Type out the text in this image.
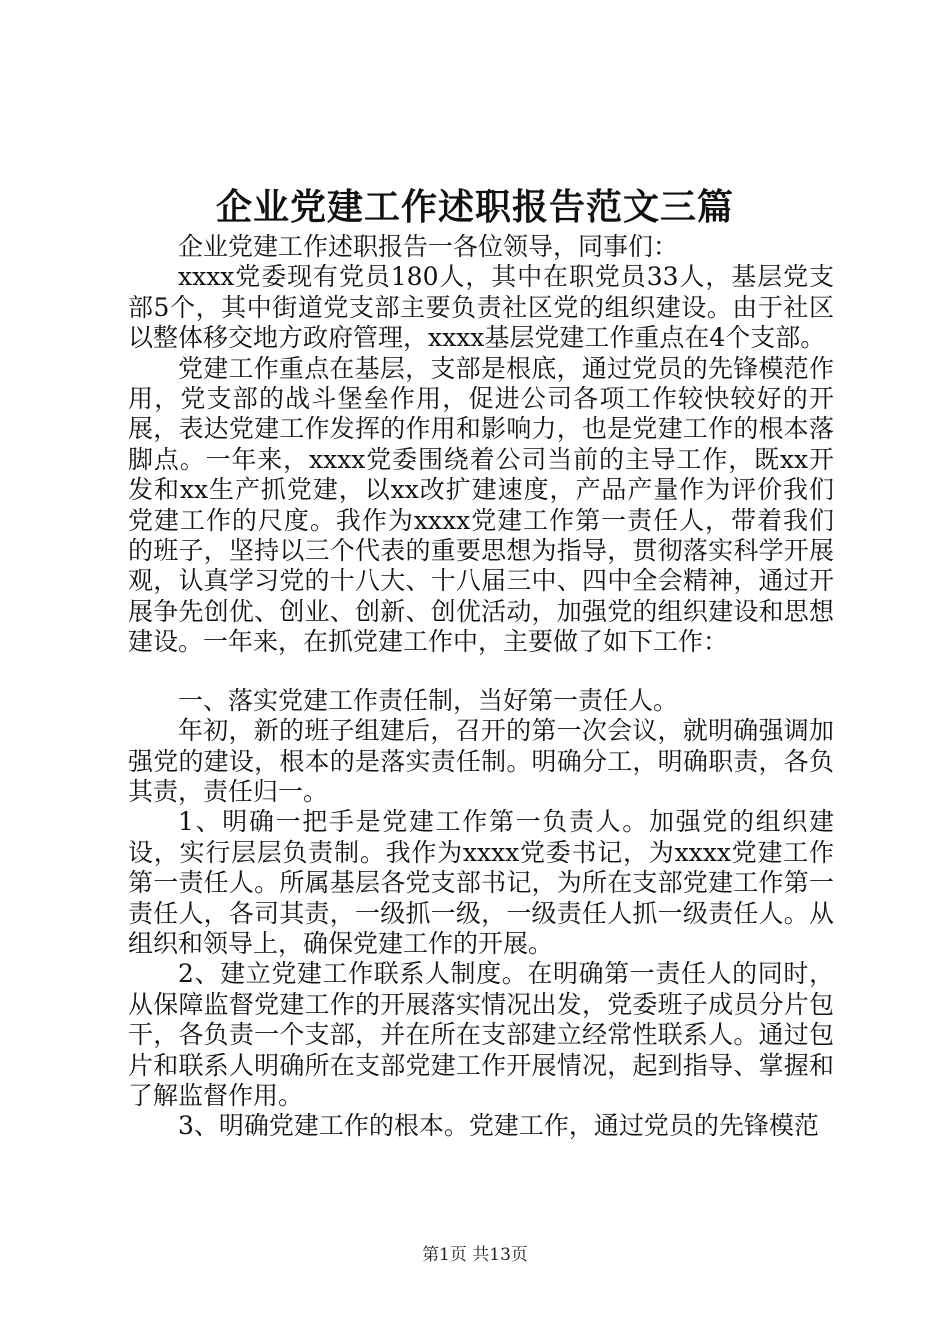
企业党建工作述职报告范文三篇

企业党建工作述职报告一各位领导，同事们：

xxxx党委现有党员180人，其中在职党员33人，基层党支部5个，其中街道党支部主要负责社区党的组织建设。由于社区以整体移交地方政府管理，xxxx基层党建工作重点在4个支部。

党建工作重点在基层，支部是根底，通过党员的先锋模范作用，党支部的战斗堡垒作用，促进公司各项工作较快较好的开展，表达党建工作发挥的作用和影响力，也是党建工作的根本落脚点。一年来，xxxx党委围绕着公司当前的主导工作，既xx开发和xx生产抓党建，以xx改扩建速度，产品产量作为评价我们党建工作的尺度。我作为xxxx党建工作第一责任人，带着我们的班子，坚持以三个代表的重要思想为指导，贯彻落实科学开展观，认真学习党的十八大、十八届三中、四中全会精神，通过开展争先创优、创业、创新、创优活动，加强党的组织建设和思想建设。一年来，在抓党建工作中，主要做了如下工作：

一、落实党建工作责任制，当好第一责任人。

年初，新的班子组建后，召开的第一次会议，就明确强调加强党的建设，根本的是落实责任制。明确分工，明确职责，各负其责，责任归一。

1、明确一把手是党建工作第一负责人。加强党的组织建设，实行层层负责制。我作为xxxx党委书记，为xxxx党建工作第一责任人。所属基层各党支部书记，为所在支部党建工作第一责任人，各司其责，一级抓一级，一级责任人抓一级责任人。从组织和领导上，确保党建工作的开展。

2、建立党建工作联系人制度。在明确第一责任人的同时，从保障监督党建工作的开展落实情况出发，党委班子成员分片包干，各负责一个支部，并在所在支部建立经常性联系人。通过包片和联系人明确所在支部党建工作开展情况，起到指导、掌握和了解监督作用。

3、明确党建工作的根本。党建工作，通过党员的先锋模范

第1页 共13页
